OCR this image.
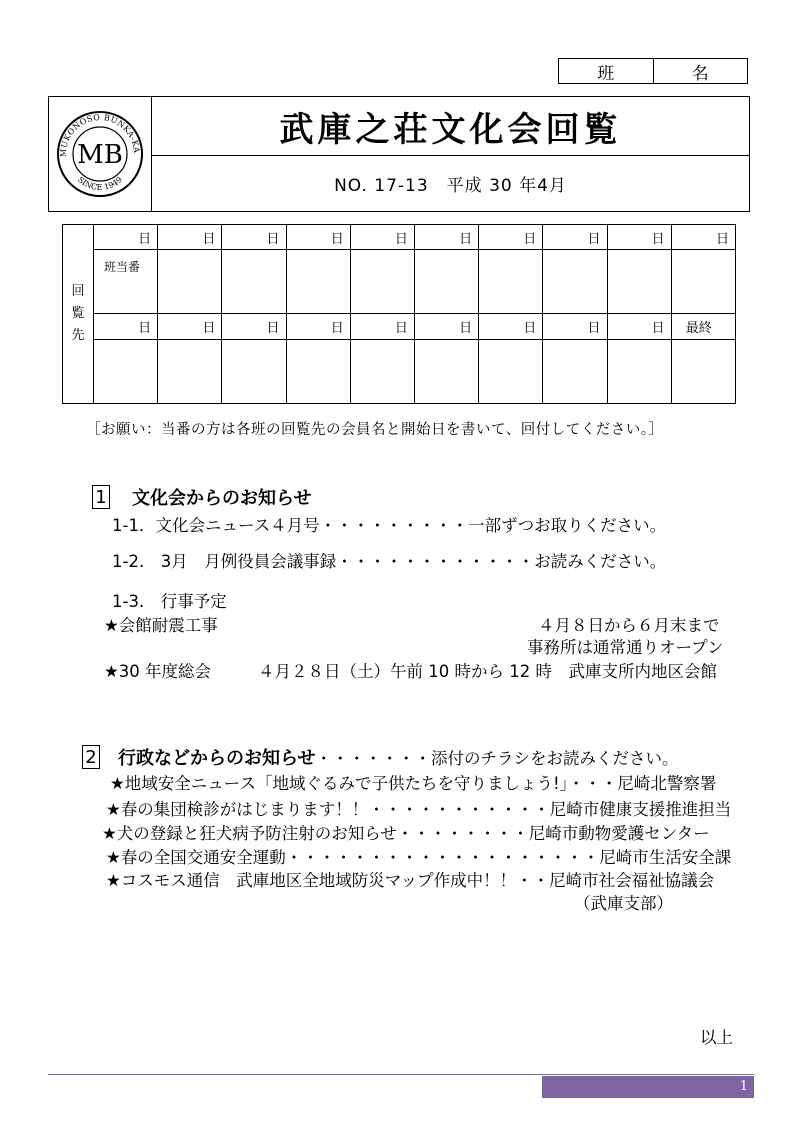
班	名
MUKONOSO BUNKA-KA
SINCE 1949
MB
武庫之荘文化会回覧
NO. 17-13　平成 30 年4月
回
覧
先	日	日	日	日	日	日	日	日	日	日

	班当番									

	日	日	日	日	日	日	日	日	日	最終

［お願い：当番の方は各班の回覧先の会員名と開始日を書いて、回付してください。］
1 文化会からのお知らせ
1-1．文化会ニュース４月号・・・・・・・・・一部ずつお取りください。
1-2.　3月　月例役員会議事録・・・・・・・・・・・・お読みください。
1-3.　行事予定
★会館耐震工事	４月８日から６月末まで
事務所は通常通りオープン
★30 年度総会	４月２８日（土）午前 10 時から 12 時　武庫支所内地区会館
2 行政などからのお知らせ・・・・・・・添付のチラシをお読みください。
★地域安全ニュース「地域ぐるみで子供たちを守りましょう!」・・・尼崎北警察署
★春の集団検診がはじまります！！・・・・・・・・・・・尼崎市健康支援推進担当
★犬の登録と狂犬病予防注射のお知らせ・・・・・・・・尼崎市動物愛護センター
★春の全国交通安全運動・・・・・・・・・・・・・・・・・・・尼崎市生活安全課
★コスモス通信　武庫地区全地域防災マップ作成中！！・・尼崎市社会福祉協議会
（武庫支部）
以上
1
